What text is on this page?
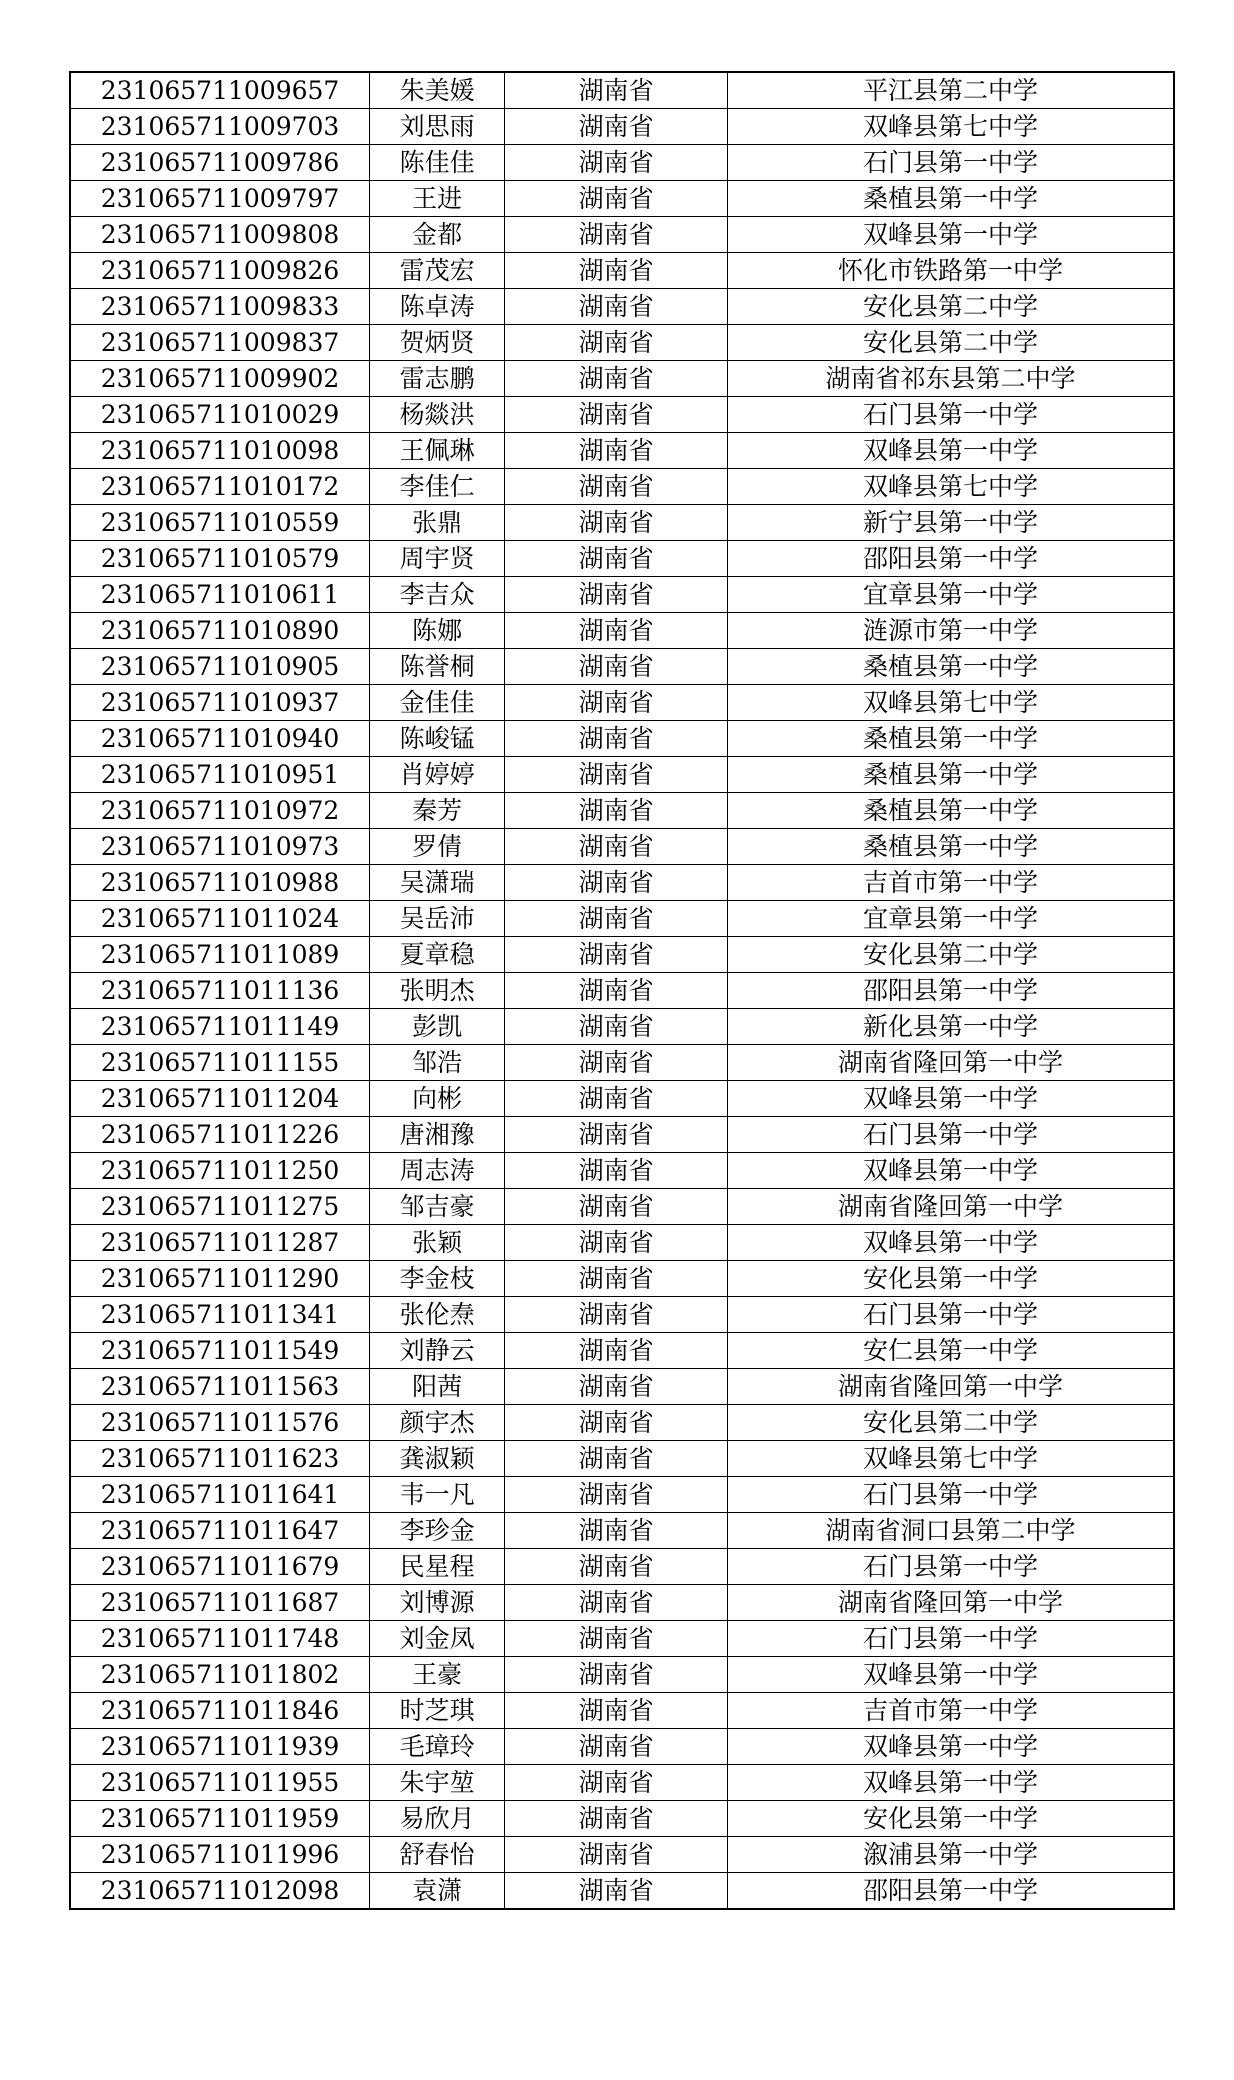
231065711009657	朱美媛	湖南省	平江县第二中学
231065711009703	刘思雨	湖南省	双峰县第七中学
231065711009786	陈佳佳	湖南省	石门县第一中学
231065711009797	王进	湖南省	桑植县第一中学
231065711009808	金都	湖南省	双峰县第一中学
231065711009826	雷茂宏	湖南省	怀化市铁路第一中学
231065711009833	陈卓涛	湖南省	安化县第二中学
231065711009837	贺炳贤	湖南省	安化县第二中学
231065711009902	雷志鹏	湖南省	湖南省祁东县第二中学
231065711010029	杨燚洪	湖南省	石门县第一中学
231065711010098	王佩琳	湖南省	双峰县第一中学
231065711010172	李佳仁	湖南省	双峰县第七中学
231065711010559	张鼎	湖南省	新宁县第一中学
231065711010579	周宇贤	湖南省	邵阳县第一中学
231065711010611	李吉众	湖南省	宜章县第一中学
231065711010890	陈娜	湖南省	涟源市第一中学
231065711010905	陈誉桐	湖南省	桑植县第一中学
231065711010937	金佳佳	湖南省	双峰县第七中学
231065711010940	陈峻锰	湖南省	桑植县第一中学
231065711010951	肖婷婷	湖南省	桑植县第一中学
231065711010972	秦芳	湖南省	桑植县第一中学
231065711010973	罗倩	湖南省	桑植县第一中学
231065711010988	吴潇瑞	湖南省	吉首市第一中学
231065711011024	吴岳沛	湖南省	宜章县第一中学
231065711011089	夏章稳	湖南省	安化县第二中学
231065711011136	张明杰	湖南省	邵阳县第一中学
231065711011149	彭凯	湖南省	新化县第一中学
231065711011155	邹浩	湖南省	湖南省隆回第一中学
231065711011204	向彬	湖南省	双峰县第一中学
231065711011226	唐湘豫	湖南省	石门县第一中学
231065711011250	周志涛	湖南省	双峰县第一中学
231065711011275	邹吉豪	湖南省	湖南省隆回第一中学
231065711011287	张颖	湖南省	双峰县第一中学
231065711011290	李金枝	湖南省	安化县第一中学
231065711011341	张伦焘	湖南省	石门县第一中学
231065711011549	刘静云	湖南省	安仁县第一中学
231065711011563	阳茜	湖南省	湖南省隆回第一中学
231065711011576	颜宇杰	湖南省	安化县第二中学
231065711011623	龚淑颖	湖南省	双峰县第七中学
231065711011641	韦一凡	湖南省	石门县第一中学
231065711011647	李珍金	湖南省	湖南省洞口县第二中学
231065711011679	民星程	湖南省	石门县第一中学
231065711011687	刘博源	湖南省	湖南省隆回第一中学
231065711011748	刘金凤	湖南省	石门县第一中学
231065711011802	王豪	湖南省	双峰县第一中学
231065711011846	时芝琪	湖南省	吉首市第一中学
231065711011939	毛璋玲	湖南省	双峰县第一中学
231065711011955	朱宇堃	湖南省	双峰县第一中学
231065711011959	易欣月	湖南省	安化县第一中学
231065711011996	舒春怡	湖南省	溆浦县第一中学
231065711012098	袁潇	湖南省	邵阳县第一中学
